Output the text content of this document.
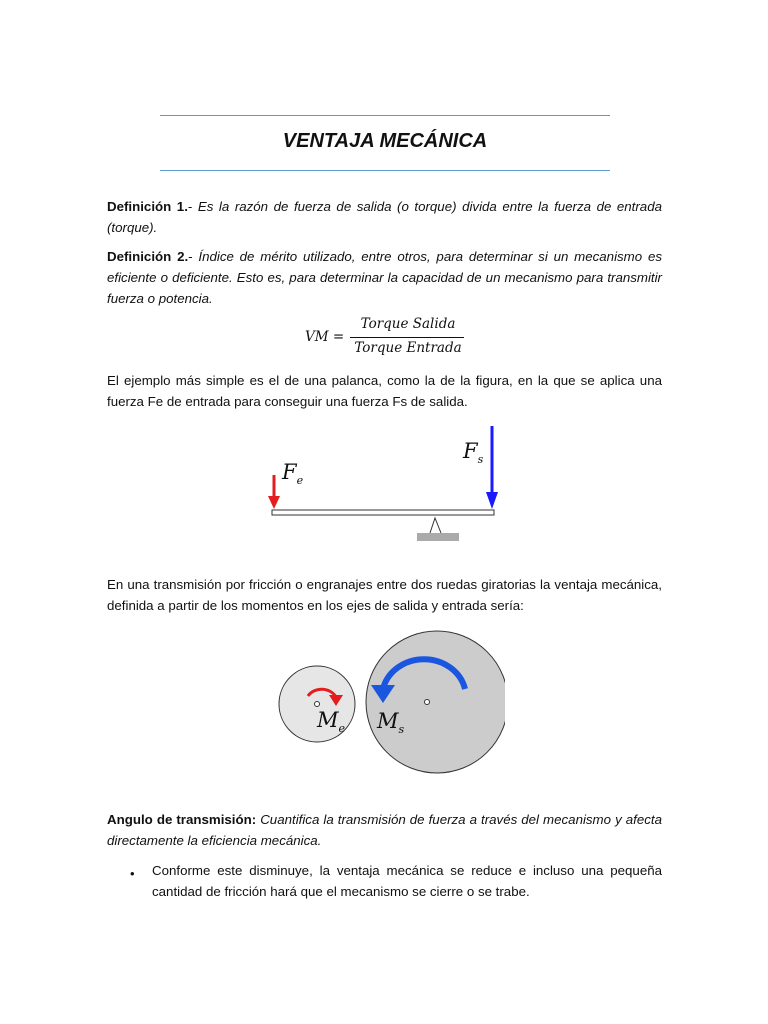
VENTAJA MECÁNICA

Definición 1.- Es la razón de fuerza de salida (o torque) divida entre la fuerza de entrada (torque).

Definición 2.- Índice de mérito utilizado, entre otros, para determinar si un mecanismo es eficiente o deficiente. Esto es, para determinar la capacidad de un mecanismo para transmitir fuerza o potencia.

VM =
Torque Salida
Torque Entrada

El ejemplo más simple es el de una palanca, como la de la figura, en la que se aplica una fuerza Fe de entrada para conseguir una fuerza Fs de salida.

$F_e$
$F_s$

En una transmisión por fricción o engranajes entre dos ruedas giratorias la ventaja mecánica, definida a partir de los momentos en los ejes de salida y entrada sería:

$M_e$ $M_s$

Angulo de transmisión: Cuantifica la transmisión de fuerza a través del mecanismo y afecta directamente la eficiencia mecánica.

• Conforme este disminuye, la ventaja mecánica se reduce e incluso una pequeña cantidad de fricción hará que el mecanismo se cierre o se trabe.
